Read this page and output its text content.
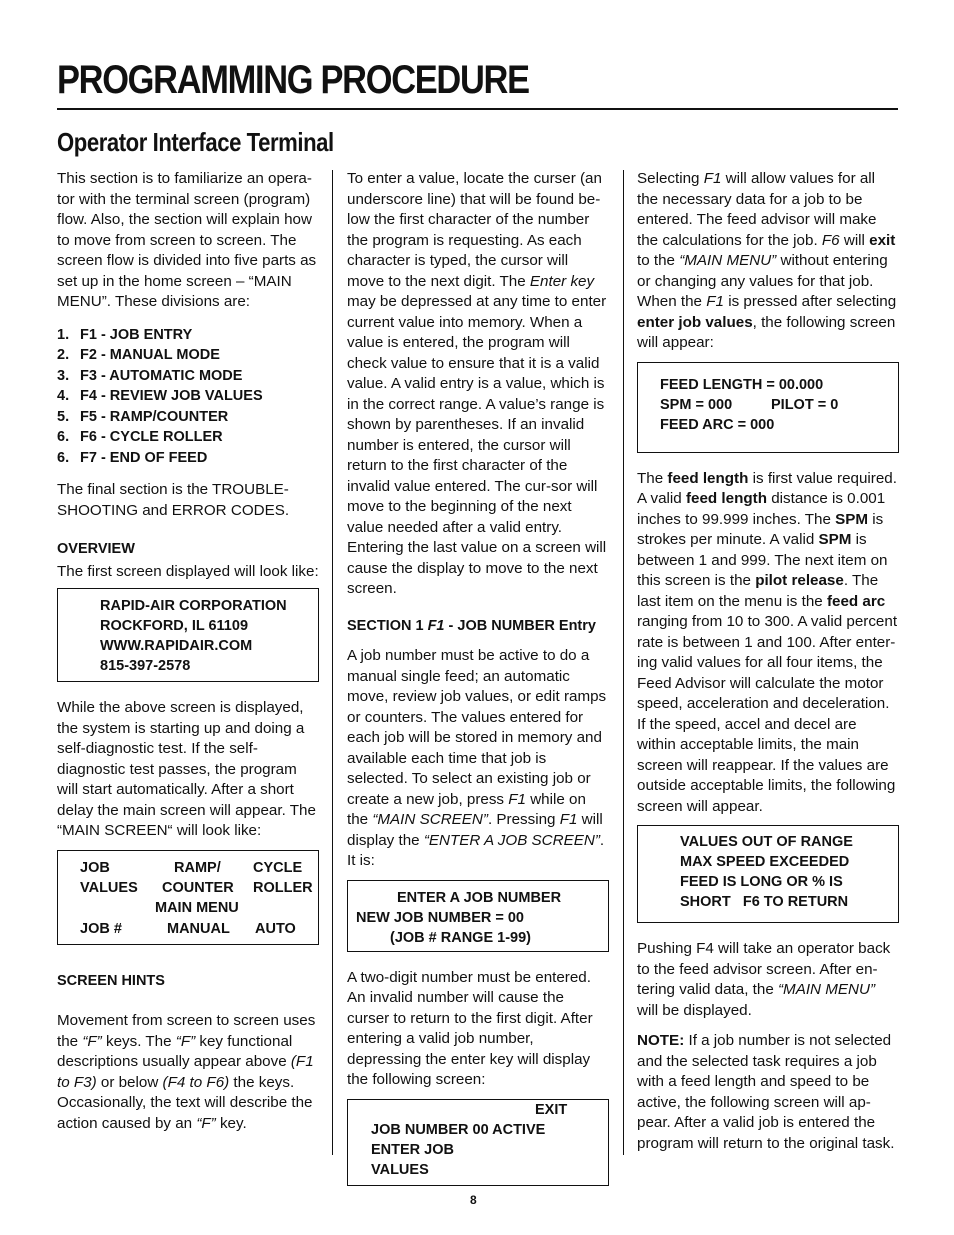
PROGRAMMING PROCEDURE
Operator Interface Terminal

This section is to familiarize an opera-tor with the terminal screen (program) flow. Also, the section will explain how to move from screen to screen. The screen flow is divided into five parts as set up in the home screen – “MAIN MENU”. These divisions are:

1. F1 - JOB ENTRY
2. F2 - MANUAL MODE
3. F3 - AUTOMATIC MODE
4. F4 - REVIEW JOB VALUES
5. F5 - RAMP/COUNTER
6. F6 - CYCLE ROLLER
6. F7 - END OF FEED

The final section is the TROUBLE-SHOOTING and ERROR CODES.

OVERVIEW

The first screen displayed will look like:

RAPID-AIR CORPORATION
ROCKFORD, IL 61109
WWW.RAPIDAIR.COM
815-397-2578

While the above screen is displayed, the system is starting up and doing a self-diagnostic test. If the self-diagnostic test passes, the program will start automatically. After a short delay the main screen will appear. The “MAIN SCREEN“ will look like:

JOB
VALUES
RAMP/
COUNTER
CYCLE
ROLLER
MAIN MENU
JOB #	MANUAL AUTO
SCREEN HINTS

Movement from screen to screen uses the “F” keys. The “F” key functional descriptions usually appear above (F1 to F3) or below (F4 to F6) the keys. Occasionally, the text will describe the action caused by an “F” key.

To enter a value, locate the curser (an underscore line) that will be found be-low the first character of the number the program is requesting. As each character is typed, the cursor will move to the next digit. The Enter key may be depressed at any time to enter current value into memory. When a value is entered, the program will check value to ensure that it is a valid value. A valid entry is a value, which is in the correct range. A value’s range is shown by parentheses. If an invalid number is entered, the cursor will return to the first character of the invalid value entered. The cur-sor will move to the beginning of the next value needed after a valid entry. Entering the last value on a screen will cause the display to move to the next screen.

SECTION 1 F1 - JOB NUMBER Entry

A job number must be active to do a manual single feed; an automatic move, review job values, or edit ramps or counters. The values entered for each job will be stored in memory and available each time that job is selected. To select an existing job or create a new job, press F1 while on the “MAIN SCREEN”. Pressing F1 will display the “ENTER A JOB SCREEN”. It is:

ENTER A JOB NUMBER
NEW JOB NUMBER = 00
(JOB # RANGE 1-99)

A two-digit number must be entered. An invalid number will cause the curser to return to the first digit. After entering a valid job number, depressing the enter key will display the following screen:

EXIT
JOB NUMBER 00 ACTIVE
ENTER JOB
VALUES

Selecting F1 will allow values for all the necessary data for a job to be entered. The feed advisor will make the calculations for the job. F6 will exit to the “MAIN MENU” without entering or changing any values for that job. When the F1 is pressed after selecting enter job values, the following screen will appear:

FEED LENGTH = 00.000
SPM = 000	PILOT = 0
FEED ARC = 000

The feed length is first value required. A valid feed length distance is 0.001 inches to 99.999 inches. The SPM is strokes per minute. A valid SPM is between 1 and 999. The next item on this screen is the pilot release. The last item on the menu is the feed arc ranging from 10 to 300. A valid percent rate is between 1 and 100. After enter-ing valid values for all four items, the Feed Advisor will calculate the motor speed, acceleration and deceleration. If the speed, accel and decel are within acceptable limits, the main screen will reappear. If the values are outside acceptable limits, the following screen will appear.

VALUES OUT OF RANGE
MAX SPEED EXCEEDED
FEED IS LONG OR % IS
SHORT   F6 TO RETURN

Pushing F4 will take an operator back to the feed advisor screen. After en-tering valid data, the “MAIN MENU” will be displayed.

NOTE: If a job number is not selected and the selected task requires a job with a feed length and speed to be active, the following screen will ap-pear. After a valid job is entered the program will return to the original task.

8
